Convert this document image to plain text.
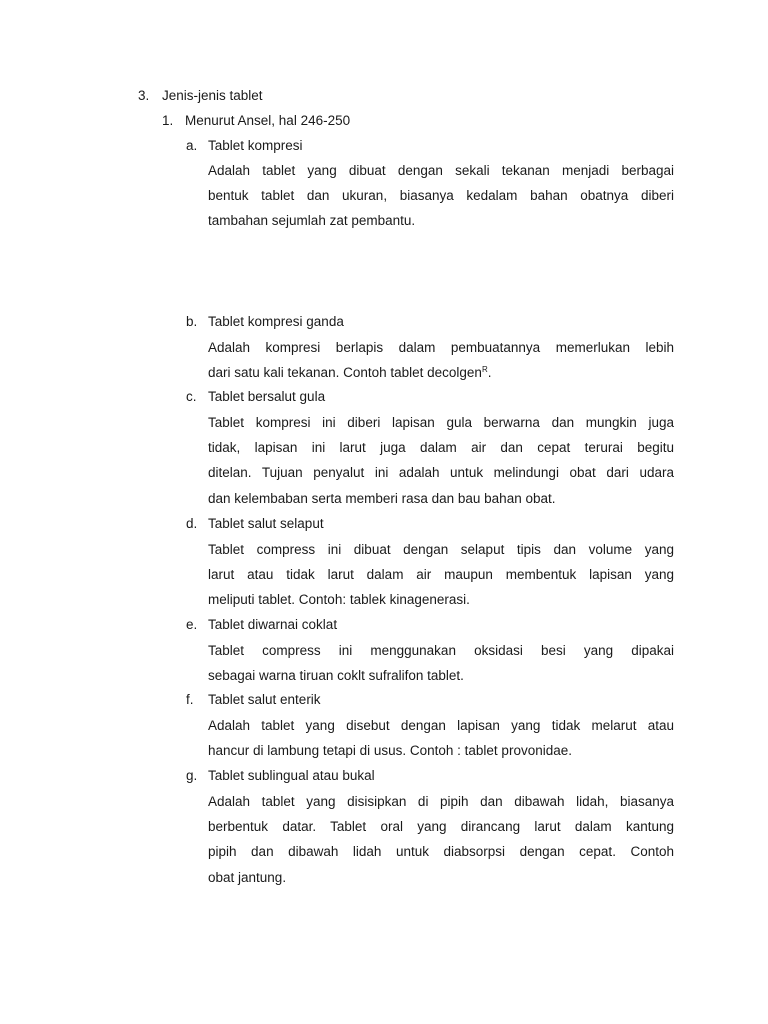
3. Jenis-jenis tablet
1. Menurut Ansel, hal 246-250
a. Tablet kompresi
Adalah tablet yang dibuat dengan sekali tekanan menjadi berbagai
bentuk tablet dan ukuran, biasanya kedalam bahan obatnya diberi
tambahan sejumlah zat pembantu.
b. Tablet kompresi ganda
Adalah kompresi berlapis dalam pembuatannya memerlukan lebih
dari satu kali tekanan. Contoh tablet decolgen$^R$.
c. Tablet bersalut gula
Tablet kompresi ini diberi lapisan gula berwarna dan mungkin juga
tidak, lapisan ini larut juga dalam air dan cepat terurai begitu
ditelan. Tujuan penyalut ini adalah untuk melindungi obat dari udara
dan kelembaban serta memberi rasa dan bau bahan obat.
d. Tablet salut selaput
Tablet compress ini dibuat dengan selaput tipis dan volume yang
larut atau tidak larut dalam air maupun membentuk lapisan yang
meliputi tablet. Contoh: tablek kinagenerasi.
e. Tablet diwarnai coklat
Tablet compress ini menggunakan oksidasi besi yang dipakai
sebagai warna tiruan coklt sufralifon tablet.
f. Tablet salut enterik
Adalah tablet yang disebut dengan lapisan yang tidak melarut atau
hancur di lambung tetapi di usus. Contoh : tablet provonidae.
g. Tablet sublingual atau bukal
Adalah tablet yang disisipkan di pipih dan dibawah lidah, biasanya
berbentuk datar. Tablet oral yang dirancang larut dalam kantung
pipih dan dibawah lidah untuk diabsorpsi dengan cepat. Contoh
obat jantung.
